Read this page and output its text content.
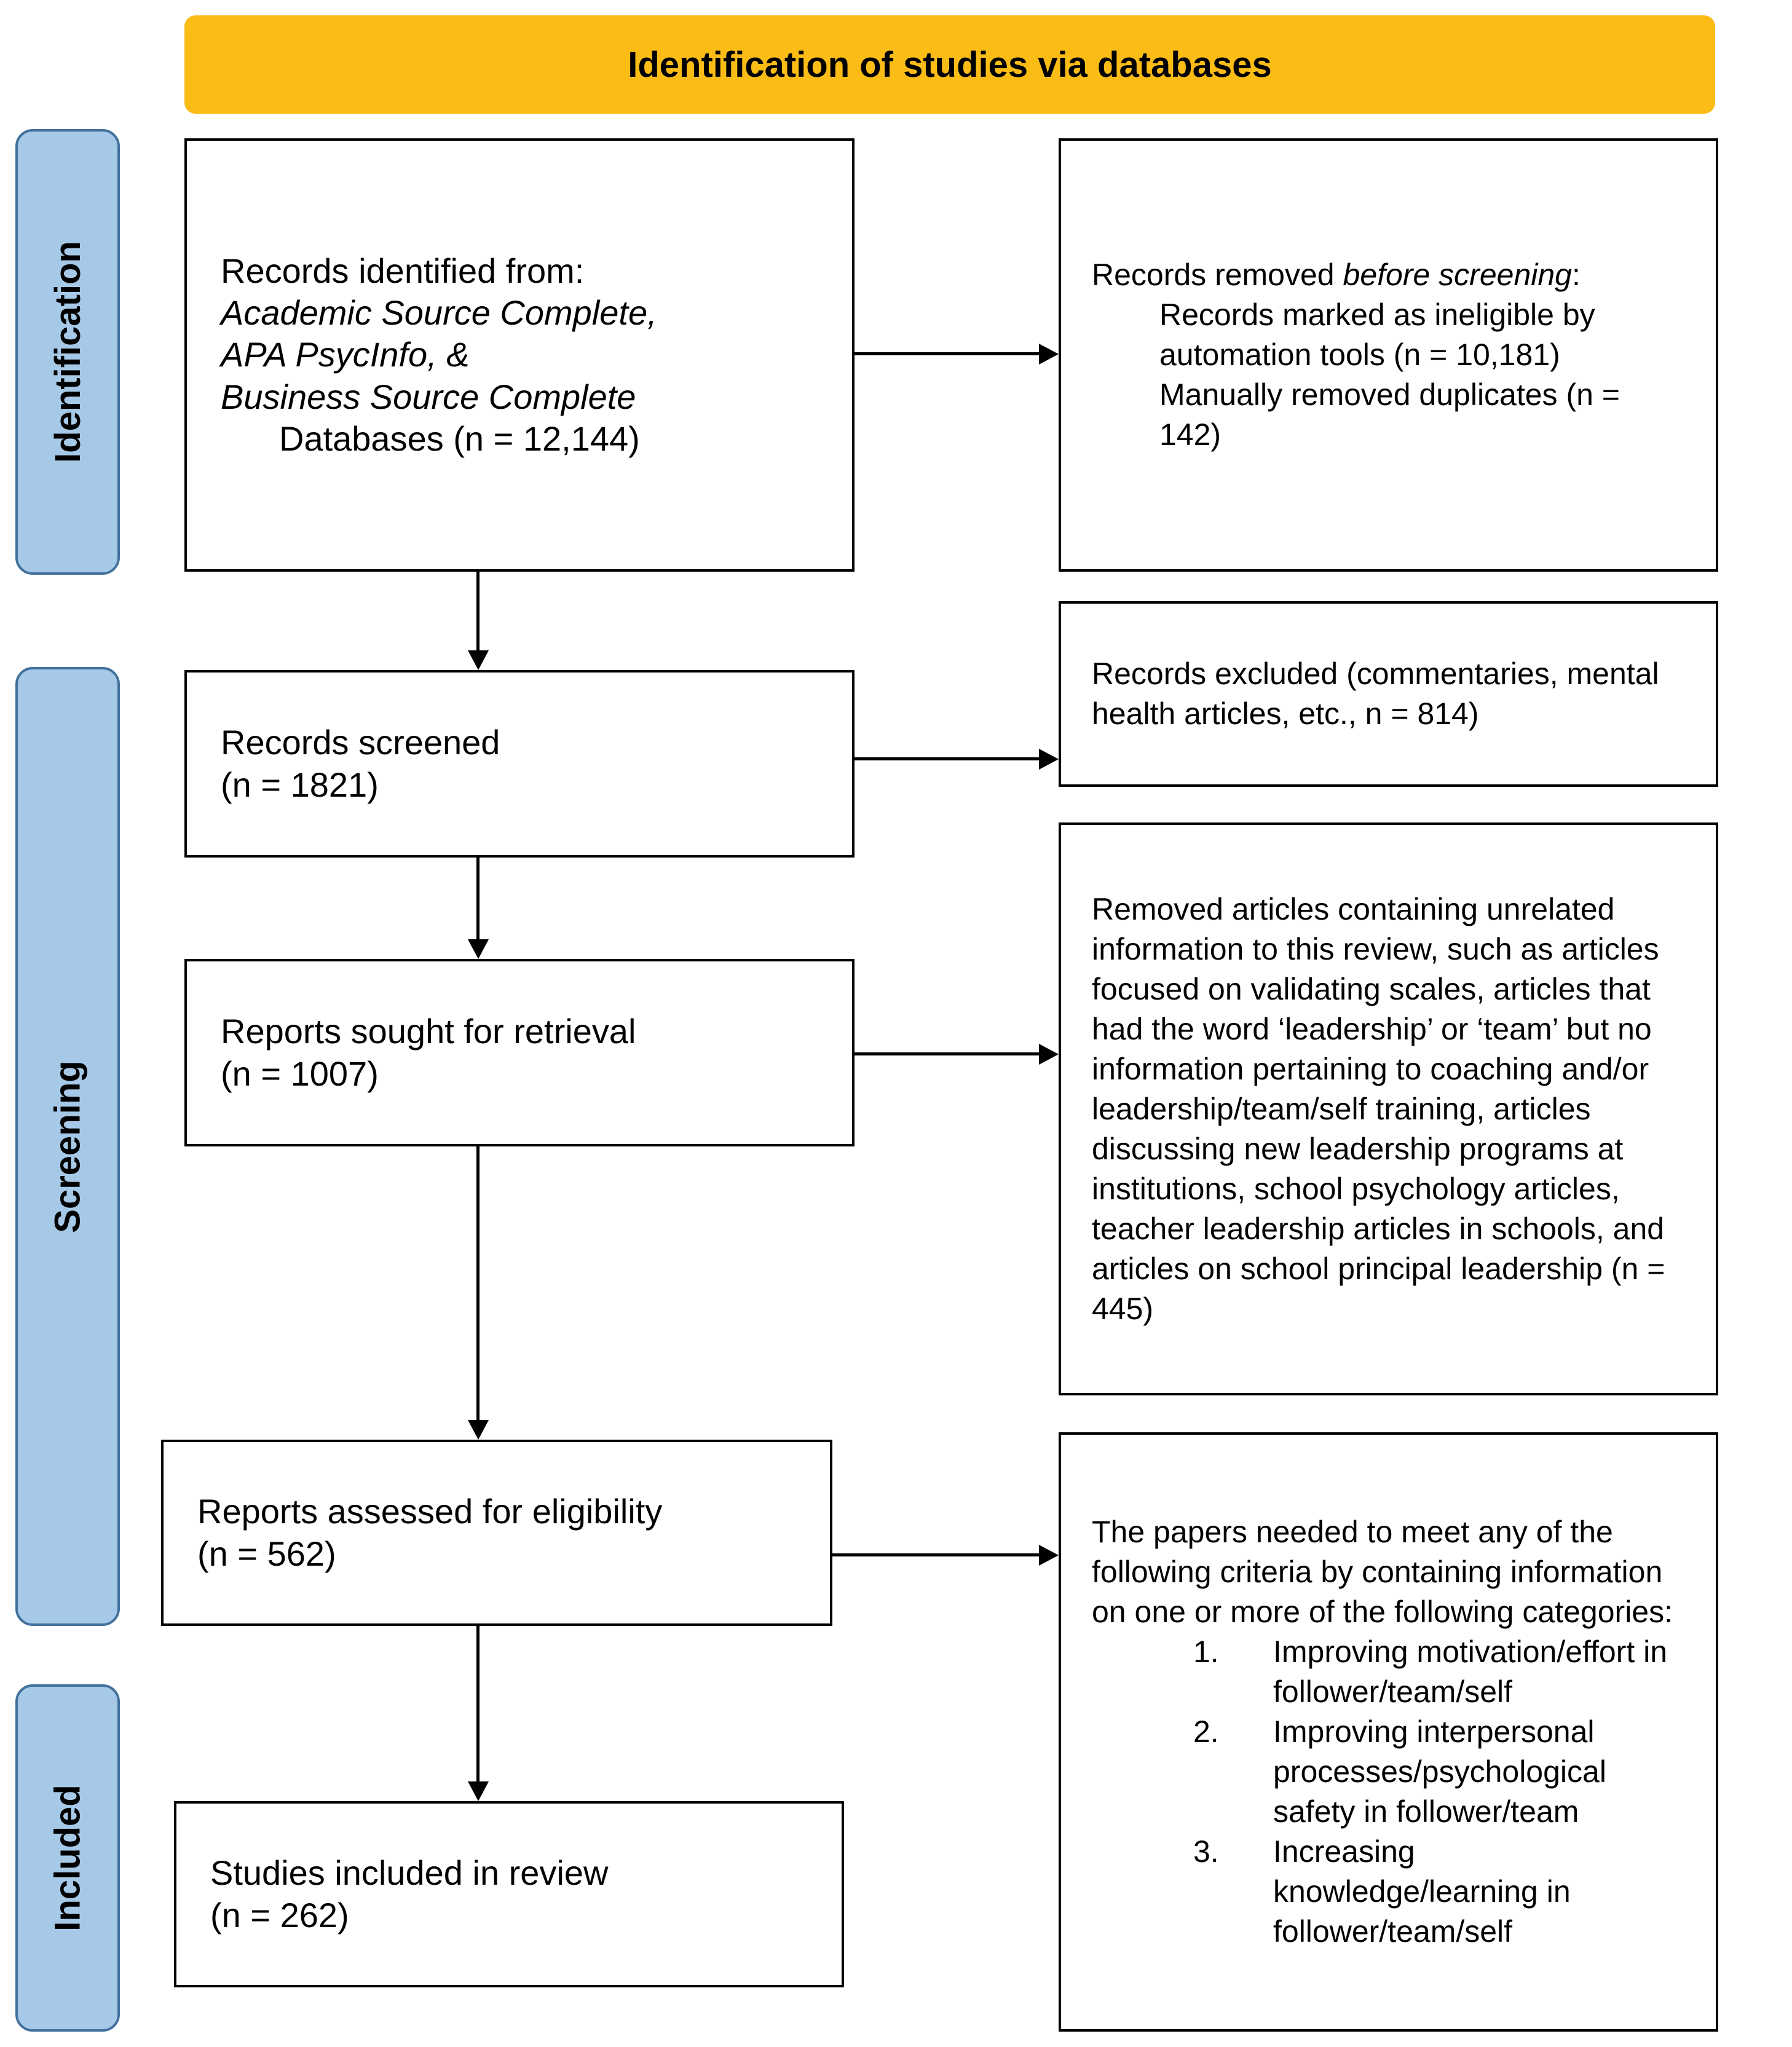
Identification of studies via databases
Identification
Screening
Included
Records identified from:
Academic Source Complete,
APA PsycInfo, &
Business Source Complete
Databases (n = 12,144)
Records screened
(n = 1821)
Reports sought for retrieval
(n = 1007)
Reports assessed for eligibility
(n = 562)
Studies included in review
(n = 262)
Records removed before screening:
Records marked as ineligible by automation tools (n = 10,181)
Manually removed duplicates (n = 142)
Records excluded (commentaries, mental health articles, etc., n = 814)
Removed articles containing unrelated information to this review, such as articles focused on validating scales, articles that had the word ‘leadership’ or ‘team’ but no information pertaining to coaching and/or leadership/team/self training, articles discussing new leadership programs at institutions, school psychology articles, teacher leadership articles in schools, and articles on school principal leadership (n = 445)
The papers needed to meet any of the following criteria by containing information on one or more of the following categories:
1.	Improving motivation/effort in follower/team/self
2.	Improving interpersonal processes/psychological safety in follower/team
3.	Increasing knowledge/learning in follower/team/self
